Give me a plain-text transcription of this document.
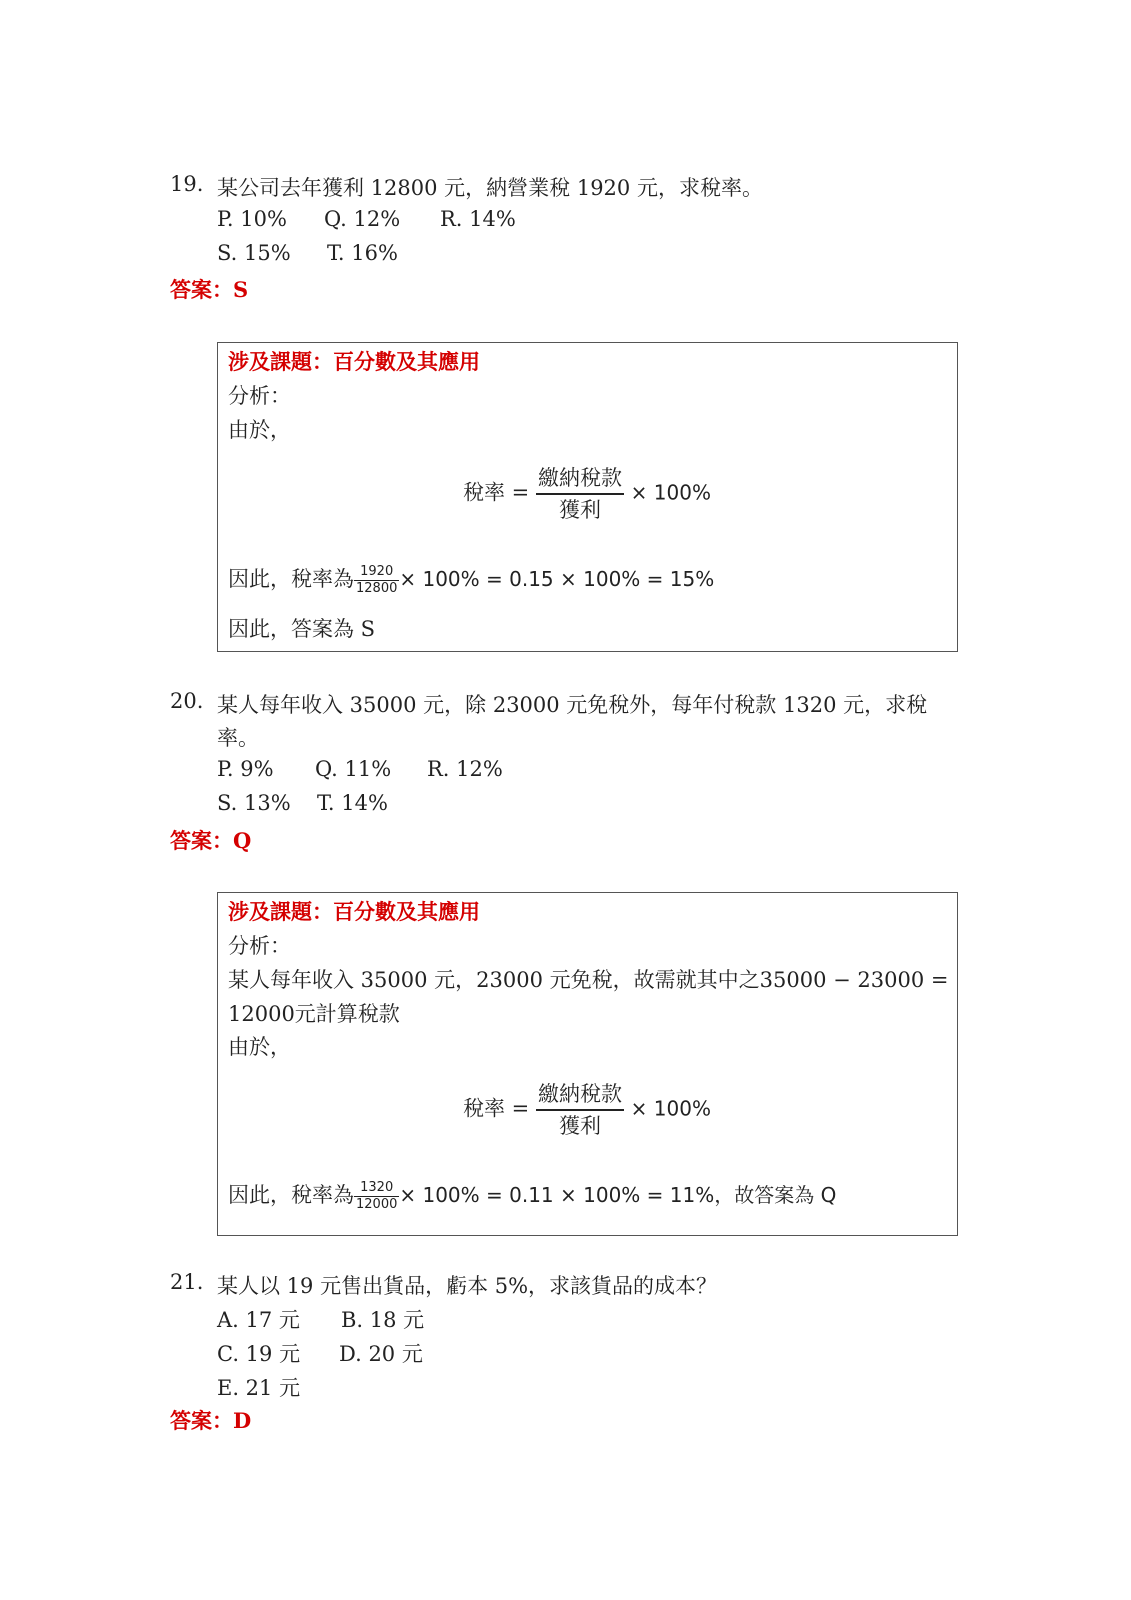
19. 某公司去年獲利 12800 元，納營業稅 1920 元，求稅率。
P. 10% Q. 12% R. 14%
S. 15% T. 16%
答案：S
涉及課題：百分數及其應用
分析：
由於，
稅率 = $\frac{\text{繳納稅款}}{\text{獲利}} \times 100\%$
因此，稅率為 $\frac{1920}{12800} \times 100\% = 0.15 \times 100\% = 15\%$
因此，答案為 S
20. 某人每年收入 35000 元，除 23000 元免稅外，每年付稅款 1320 元，求稅
率。
P. 9% Q. 11% R. 12%
S. 13% T. 14%
答案：Q
涉及課題：百分數及其應用
分析：
某人每年收入 35000 元，23000 元免稅，故需就其中之35000 − 23000 =
12000元計算稅款
由於，
稅率 = $\frac{\text{繳納稅款}}{\text{獲利}} \times 100\%$
因此，稅率為 $\frac{1320}{12000} \times 100\% = 0.11 \times 100\% = 11\%$，故答案為 Q
21. 某人以 19 元售出貨品，虧本 5%，求該貨品的成本？
A. 17 元 B. 18 元
C. 19 元 D. 20 元
E. 21 元
答案：D
